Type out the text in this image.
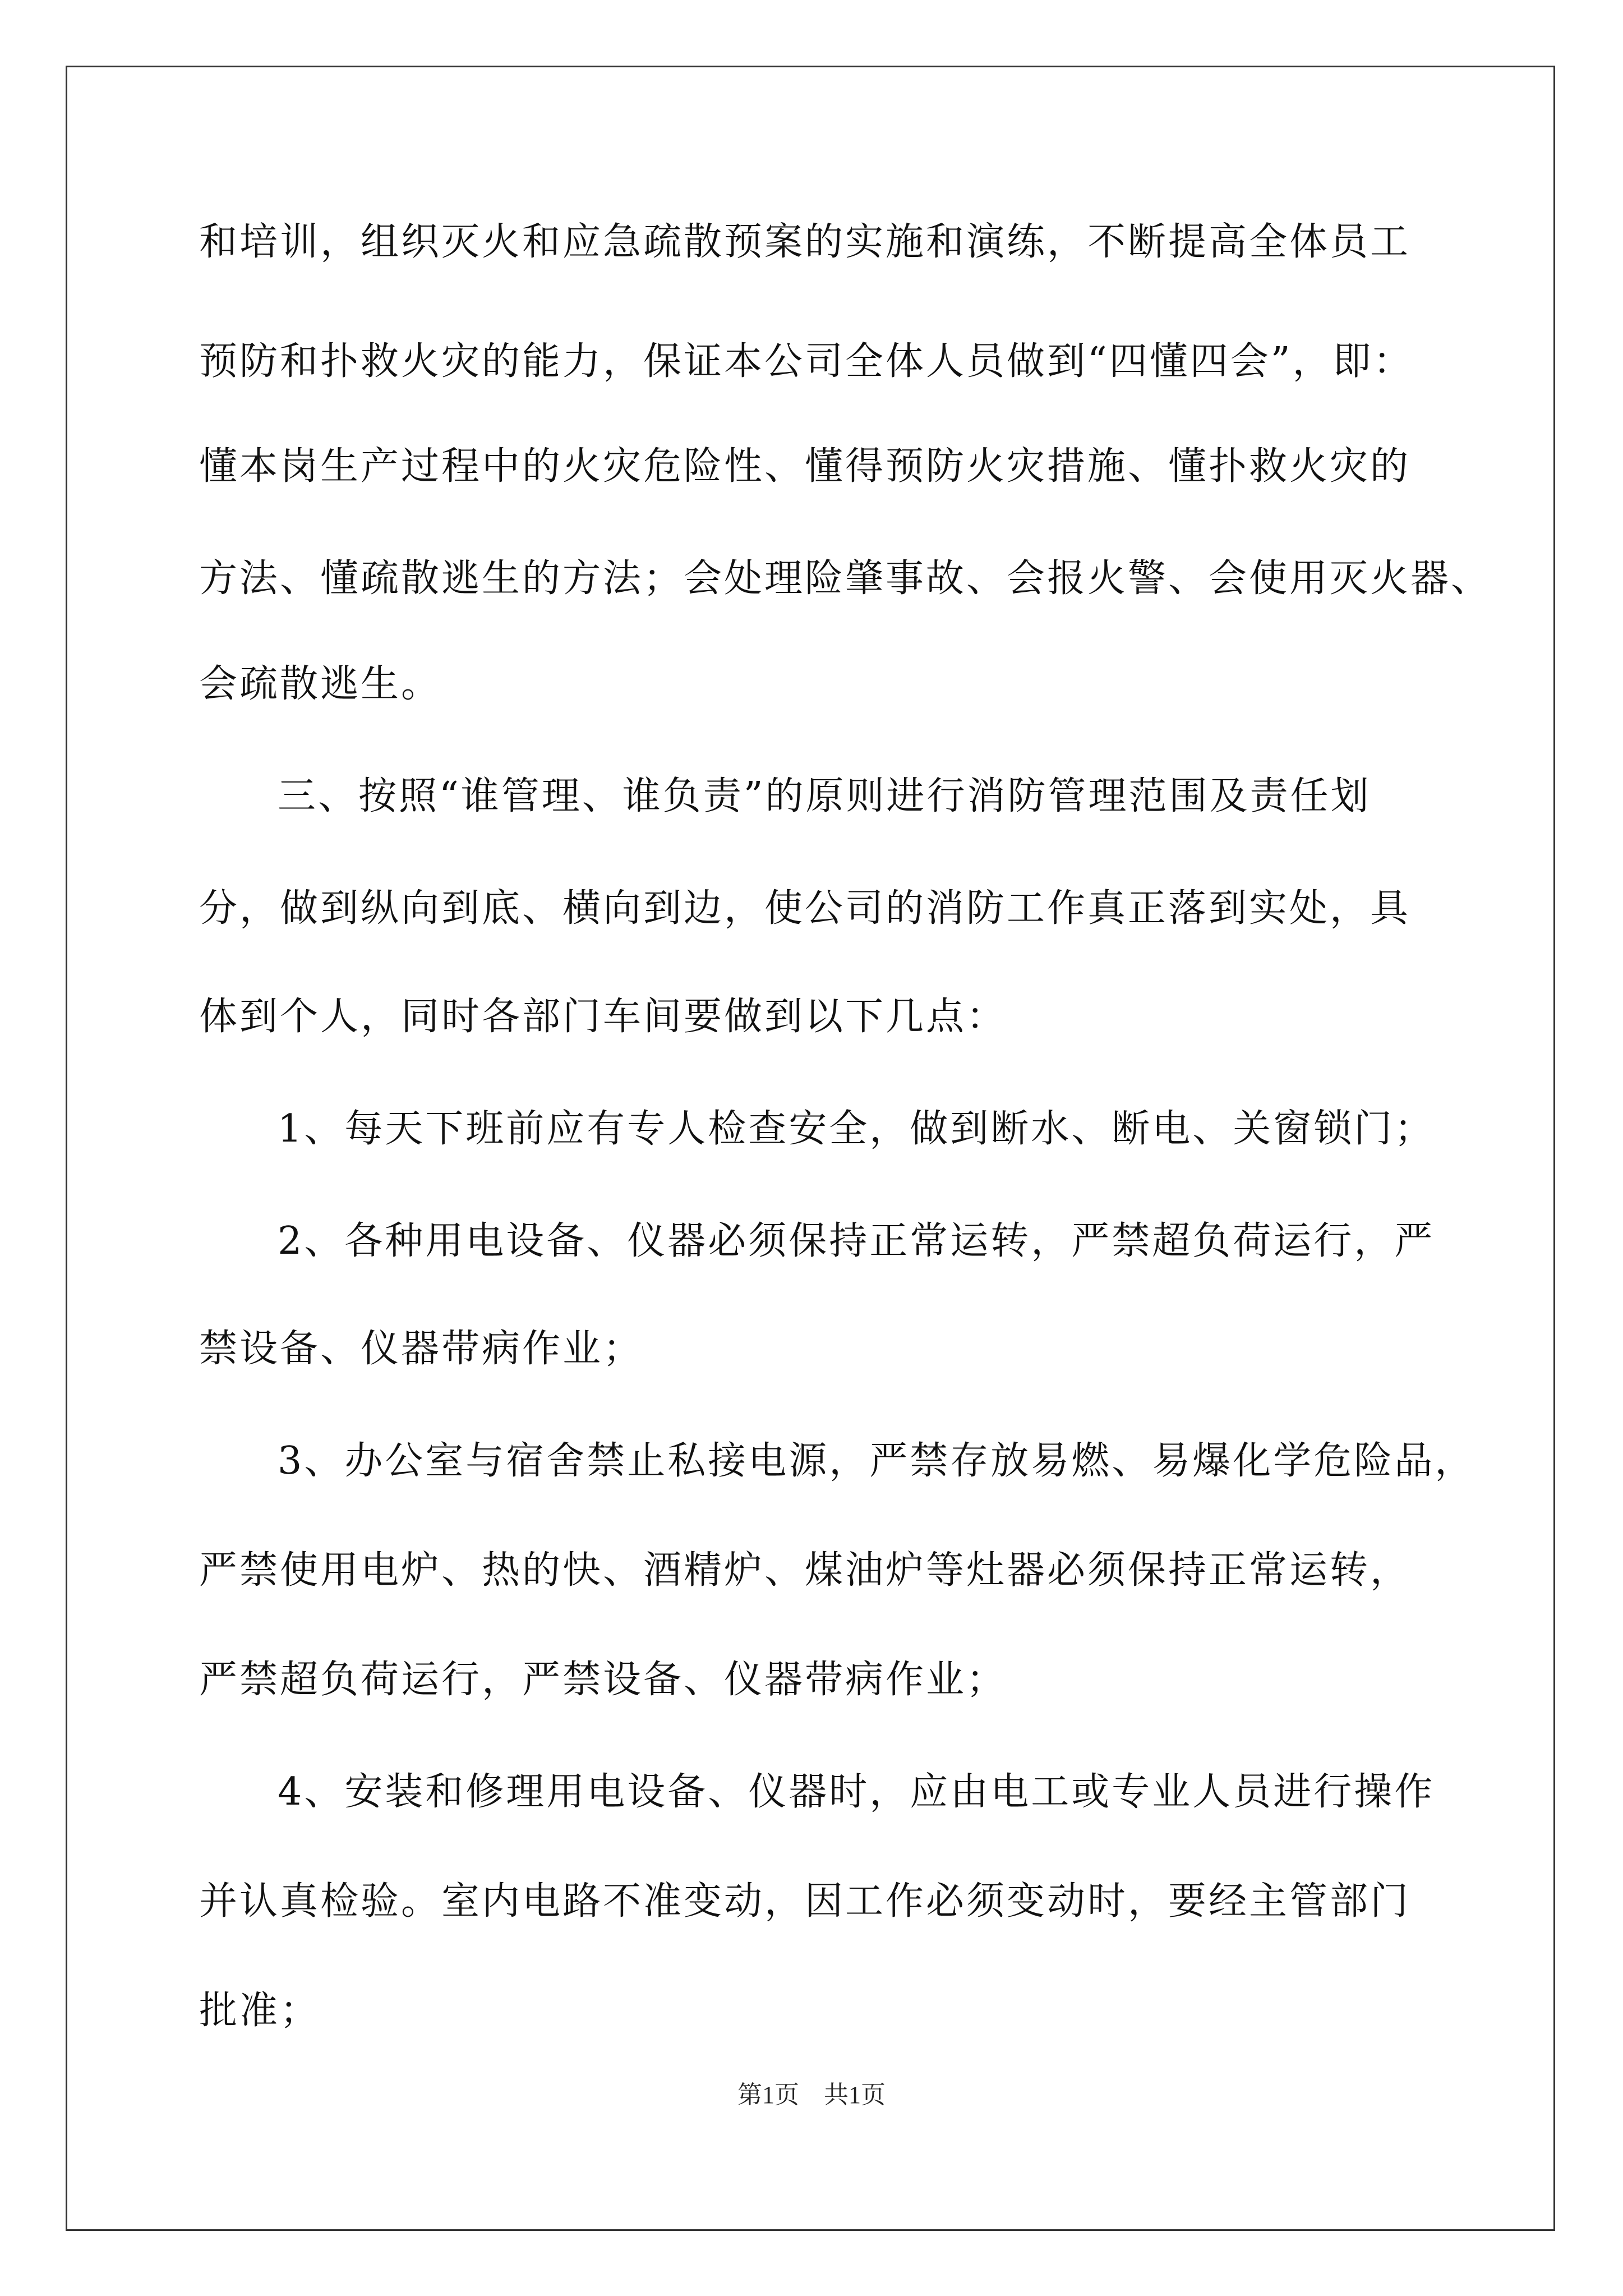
和培训，组织灭火和应急疏散预案的实施和演练，不断提高全体员工
预防和扑救火灾的能力，保证本公司全体人员做到“四懂四会”，即：
懂本岗生产过程中的火灾危险性、懂得预防火灾措施、懂扑救火灾的
方法、懂疏散逃生的方法；会处理险肇事故、会报火警、会使用灭火器、
会疏散逃生。
三、按照“谁管理、谁负责”的原则进行消防管理范围及责任划
分，做到纵向到底、横向到边，使公司的消防工作真正落到实处，具
体到个人，同时各部门车间要做到以下几点：
1、每天下班前应有专人检查安全，做到断水、断电、关窗锁门；
2、各种用电设备、仪器必须保持正常运转，严禁超负荷运行，严
禁设备、仪器带病作业；
3、办公室与宿舍禁止私接电源，严禁存放易燃、易爆化学危险品，
严禁使用电炉、热的快、酒精炉、煤油炉等灶器必须保持正常运转，
严禁超负荷运行，严禁设备、仪器带病作业；
4、安装和修理用电设备、仪器时，应由电工或专业人员进行操作
并认真检验。室内电路不准变动，因工作必须变动时，要经主管部门
批准；
第1页　共1页
